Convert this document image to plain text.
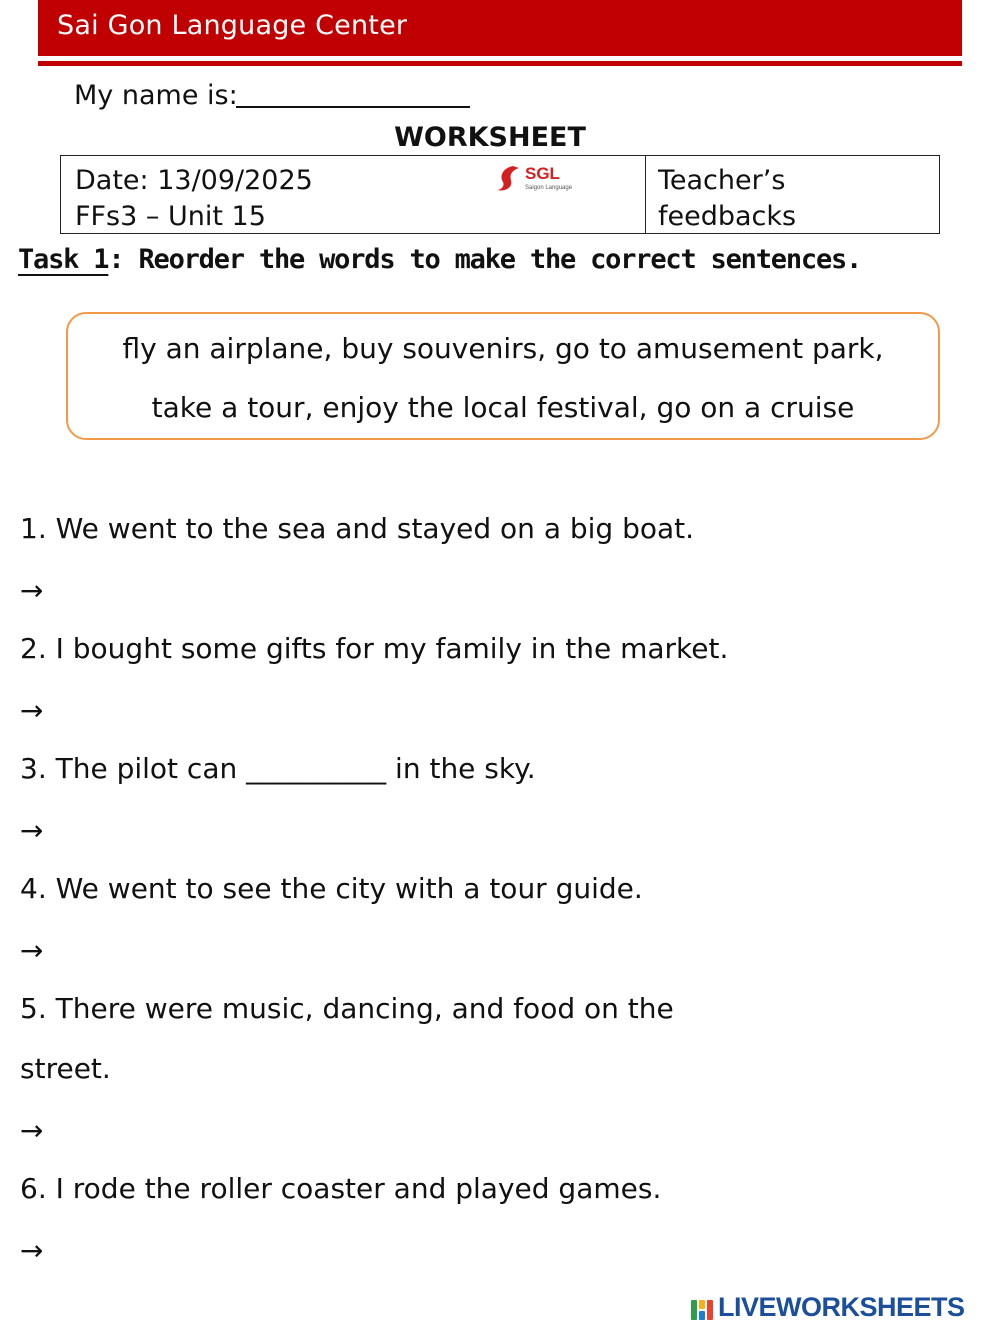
Sai Gon Language Center
My name is:
WORKSHEET
Date: 13/09/2025
FFs3 – Unit 15
SGL
Saigon Language	Teacher’s feedbacks
Task 1: Reorder the words to make the correct sentences.
fly an airplane, buy souvenirs, go to amusement park,
take a tour, enjoy the local festival, go on a cruise
1. We went to the sea and stayed on a big boat.
→
2. I bought some gifts for my family in the market.
→
3. The pilot can __________ in the sky.
→
4. We went to see the city with a tour guide.
→
5. There were music, dancing, and food on the
street.
→
6. I rode the roller coaster and played games.
→
LIVEWORKSHEETS
